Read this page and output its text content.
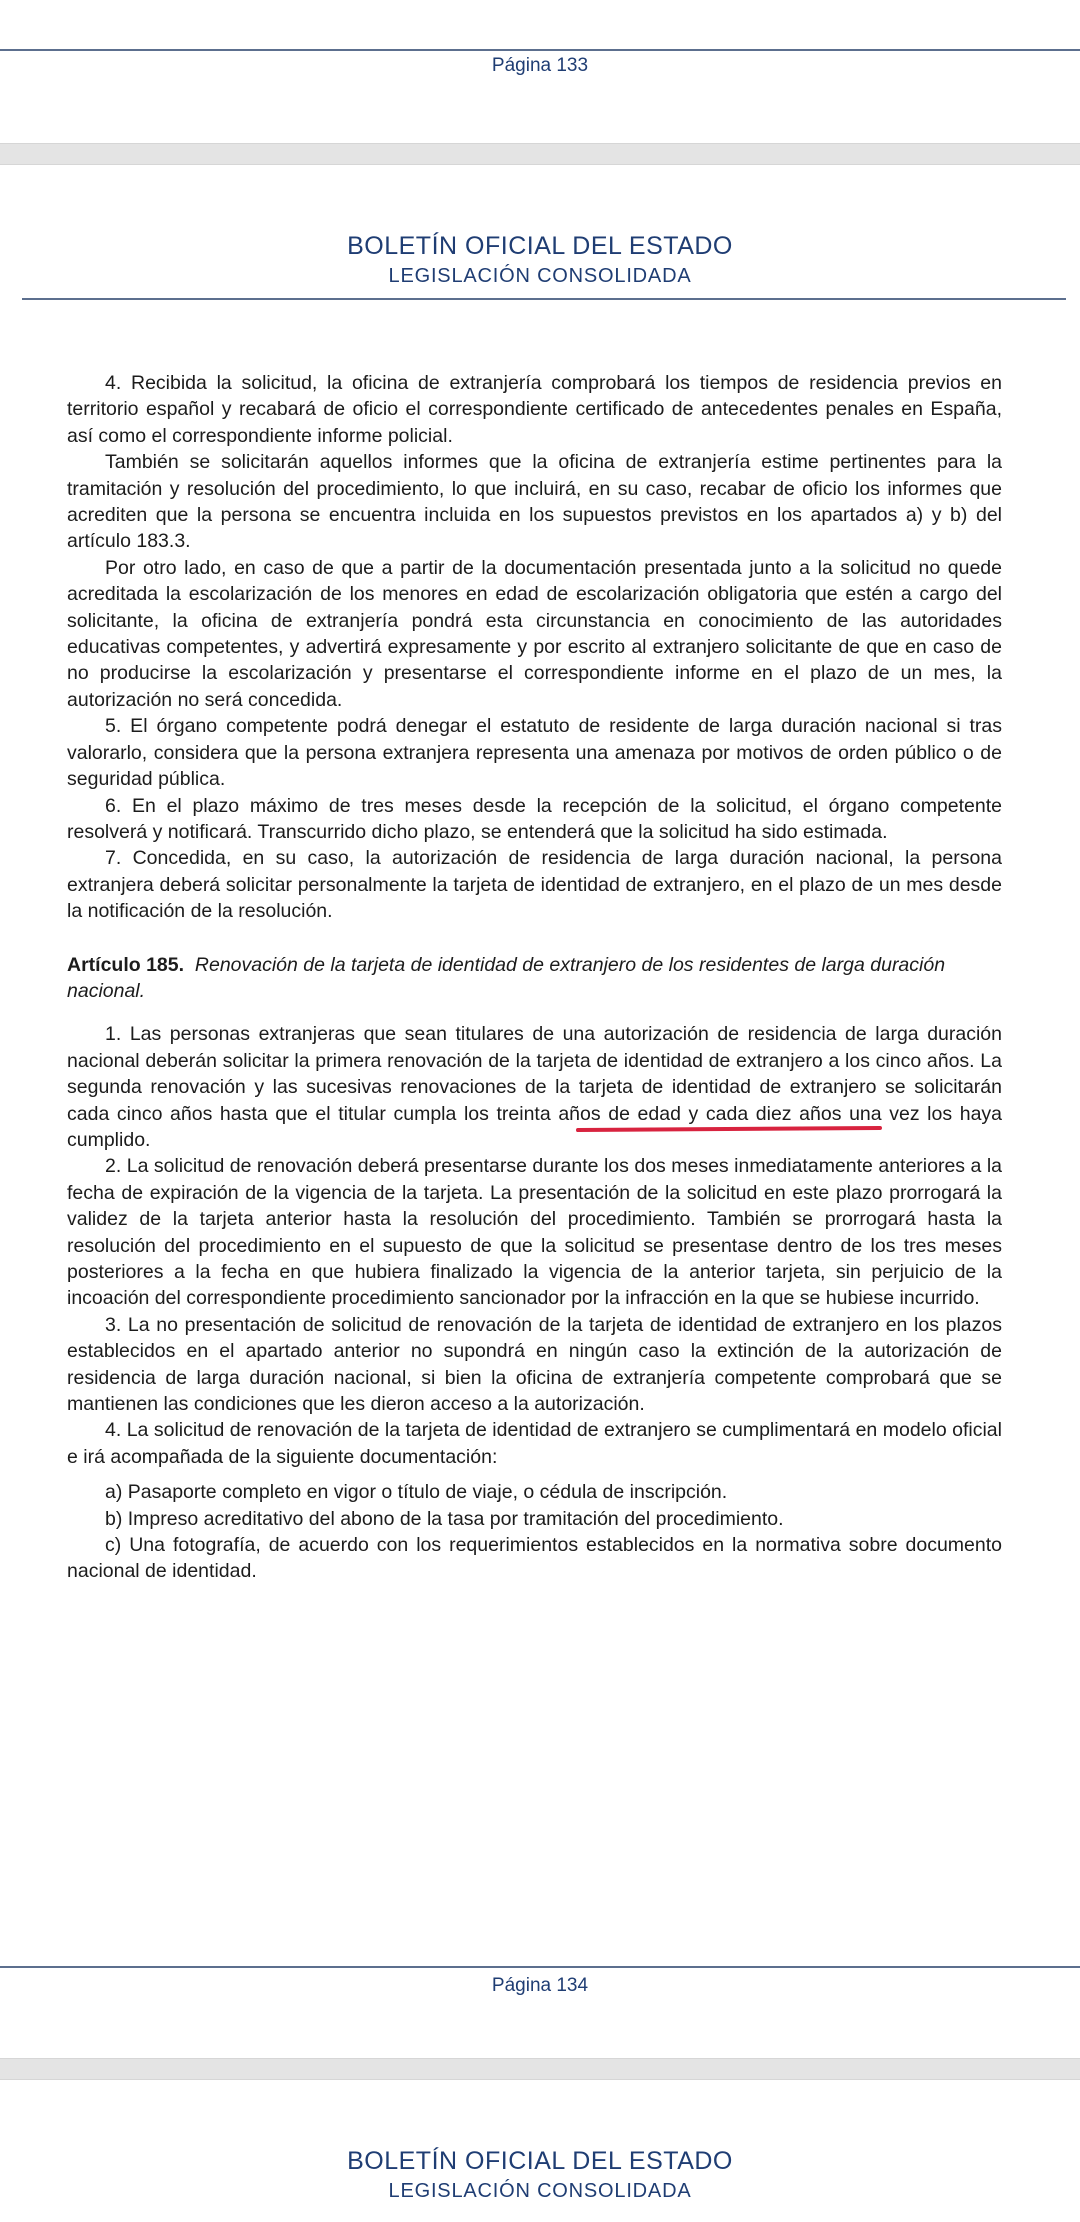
Página 133
BOLETÍN OFICIAL DEL ESTADO
LEGISLACIÓN CONSOLIDADA

4. Recibida la solicitud, la oficina de extranjería comprobará los tiempos de residencia previos en territorio español y recabará de oficio el correspondiente certificado de antecedentes penales en España, así como el correspondiente informe policial.

También se solicitarán aquellos informes que la oficina de extranjería estime pertinentes para la tramitación y resolución del procedimiento, lo que incluirá, en su caso, recabar de oficio los informes que acrediten que la persona se encuentra incluida en los supuestos previstos en los apartados a) y b) del artículo 183.3.

Por otro lado, en caso de que a partir de la documentación presentada junto a la solicitud no quede acreditada la escolarización de los menores en edad de escolarización obligatoria que estén a cargo del solicitante, la oficina de extranjería pondrá esta circunstancia en conocimiento de las autoridades educativas competentes, y advertirá expresamente y por escrito al extranjero solicitante de que en caso de no producirse la escolarización y presentarse el correspondiente informe en el plazo de un mes, la autorización no será concedida.

5. El órgano competente podrá denegar el estatuto de residente de larga duración nacional si tras valorarlo, considera que la persona extranjera representa una amenaza por motivos de orden público o de seguridad pública.

6. En el plazo máximo de tres meses desde la recepción de la solicitud, el órgano competente resolverá y notificará. Transcurrido dicho plazo, se entenderá que la solicitud ha sido estimada.

7. Concedida, en su caso, la autorización de residencia de larga duración nacional, la persona extranjera deberá solicitar personalmente la tarjeta de identidad de extranjero, en el plazo de un mes desde la notificación de la resolución.

Artículo 185. Renovación de la tarjeta de identidad de extranjero de los residentes de larga duración nacional.

1. Las personas extranjeras que sean titulares de una autorización de residencia de larga duración nacional deberán solicitar la primera renovación de la tarjeta de identidad de extranjero a los cinco años. La segunda renovación y las sucesivas renovaciones de la tarjeta de identidad de extranjero se solicitarán cada cinco años hasta que el titular cumpla los treinta años de edad y cada diez años una vez los haya cumplido.

2. La solicitud de renovación deberá presentarse durante los dos meses inmediatamente anteriores a la fecha de expiración de la vigencia de la tarjeta. La presentación de la solicitud en este plazo prorrogará la validez de la tarjeta anterior hasta la resolución del procedimiento. También se prorrogará hasta la resolución del procedimiento en el supuesto de que la solicitud se presentase dentro de los tres meses posteriores a la fecha en que hubiera finalizado la vigencia de la anterior tarjeta, sin perjuicio de la incoación del correspondiente procedimiento sancionador por la infracción en la que se hubiese incurrido.

3. La no presentación de solicitud de renovación de la tarjeta de identidad de extranjero en los plazos establecidos en el apartado anterior no supondrá en ningún caso la extinción de la autorización de residencia de larga duración nacional, si bien la oficina de extranjería competente comprobará que se mantienen las condiciones que les dieron acceso a la autorización.

4. La solicitud de renovación de la tarjeta de identidad de extranjero se cumplimentará en modelo oficial e irá acompañada de la siguiente documentación:

a) Pasaporte completo en vigor o título de viaje, o cédula de inscripción.

b) Impreso acreditativo del abono de la tasa por tramitación del procedimiento.

c) Una fotografía, de acuerdo con los requerimientos establecidos en la normativa sobre documento nacional de identidad.

Página 134
BOLETÍN OFICIAL DEL ESTADO
LEGISLACIÓN CONSOLIDADA
